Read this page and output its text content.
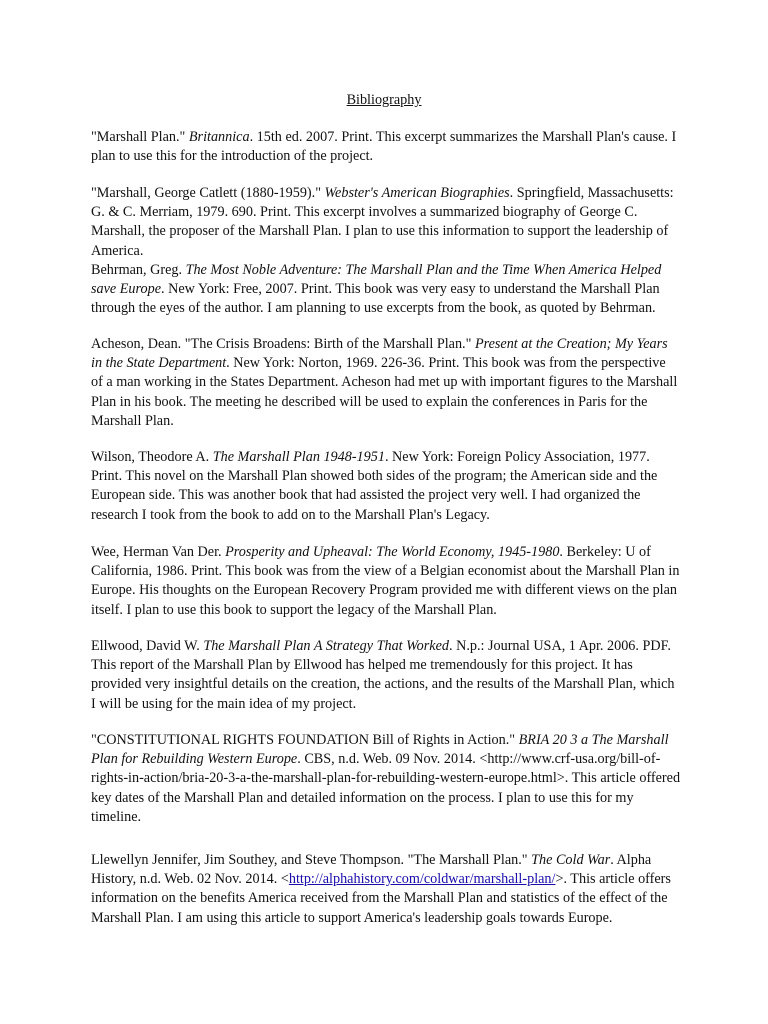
Bibliography

"Marshall Plan." Britannica. 15th ed. 2007. Print. This excerpt summarizes the Marshall Plan's cause. I plan to use this for the introduction of the project.

"Marshall, George Catlett (1880-1959)." Webster's American Biographies. Springfield, Massachusetts: G. & C. Merriam, 1979. 690. Print. This excerpt involves a summarized biography of George C. Marshall, the proposer of the Marshall Plan. I plan to use this information to support the leadership of America.

Behrman, Greg. The Most Noble Adventure: The Marshall Plan and the Time When America Helped save Europe. New York: Free, 2007. Print. This book was very easy to understand the Marshall Plan through the eyes of the author. I am planning to use excerpts from the book, as quoted by Behrman.

Acheson, Dean. "The Crisis Broadens: Birth of the Marshall Plan." Present at the Creation; My Years in the State Department. New York: Norton, 1969. 226-36. Print. This book was from the perspective of a man working in the States Department. Acheson had met up with important figures to the Marshall Plan in his book. The meeting he described will be used to explain the conferences in Paris for the Marshall Plan.

Wilson, Theodore A. The Marshall Plan 1948-1951. New York: Foreign Policy Association, 1977. Print. This novel on the Marshall Plan showed both sides of the program; the American side and the European side. This was another book that had assisted the project very well. I had organized the research I took from the book to add on to the Marshall Plan's Legacy.

Wee, Herman Van Der. Prosperity and Upheaval: The World Economy, 1945-1980. Berkeley: U of California, 1986. Print. This book was from the view of a Belgian economist about the Marshall Plan in Europe. His thoughts on the European Recovery Program provided me with different views on the plan itself. I plan to use this book to support the legacy of the Marshall Plan.

Ellwood, David W. The Marshall Plan A Strategy That Worked. N.p.: Journal USA, 1 Apr. 2006. PDF. This report of the Marshall Plan by Ellwood has helped me tremendously for this project. It has provided very insightful details on the creation, the actions, and the results of the Marshall Plan, which I will be using for the main idea of my project.

"CONSTITUTIONAL RIGHTS FOUNDATION Bill of Rights in Action." BRIA 20 3 a The Marshall Plan for Rebuilding Western Europe. CBS, n.d. Web. 09 Nov. 2014. <http://www.crf-usa.org/bill-of-rights-in-action/bria-20-3-a-the-marshall-plan-for-rebuilding-western-europe.html>. This article offered key dates of the Marshall Plan and detailed information on the process. I plan to use this for my timeline.

Llewellyn Jennifer, Jim Southey, and Steve Thompson. "The Marshall Plan." The Cold War. Alpha History, n.d. Web. 02 Nov. 2014. <http://alphahistory.com/coldwar/marshall-plan/>. This article offers information on the benefits America received from the Marshall Plan and statistics of the effect of the Marshall Plan. I am using this article to support America's leadership goals towards Europe.
